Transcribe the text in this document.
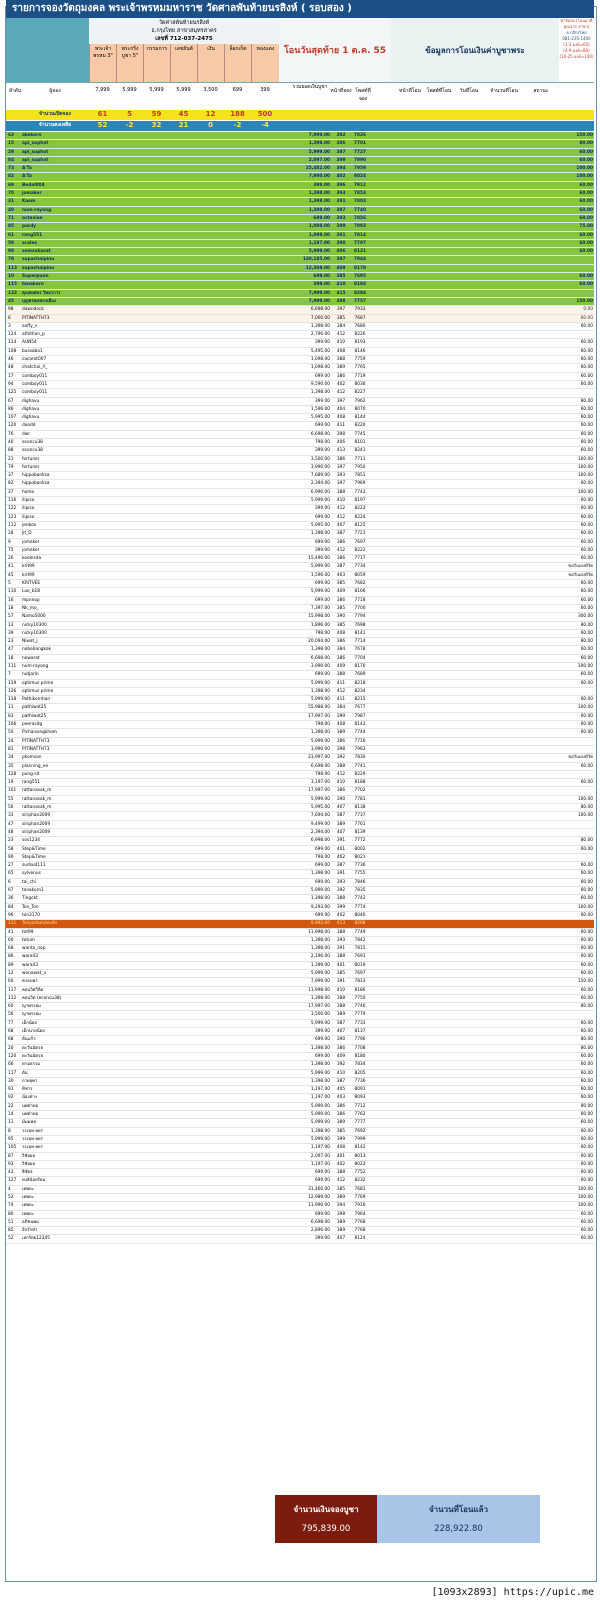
รายการจองวัตถุมงคล พระเจ้าพรหมมหาราช วัดศาลพันท้ายนรสิงห์ ( รอบสอง )
วัดศาลพันท้ายนรสิงห์
ธ.กรุงไทย สาขาสมุทรสาคร
เลขที่ 712-037-2475
พระเจ้าพรหม 3"
พระกริ่ง บูชา 5"
กรรมการ	เลขยันต์	เงิน	ล็อกเก็ต	ทองแดง	โอนวันสุดท้าย 1 ต.ค. 55	ข้อมูลการโอนเงินค่าบูชาพระ
ค่าจัดส่ง (โอนมาที่ คุณจาร สาขา)
ธ.กสิกรไทย
081-235-1400
(1-3 องค์=60)
(4-9 องค์=80)
(10-25 องค์=100)
7,999	5,999	5,999	5,999	3,500	699	399
ลำดับ	ผู้จอง
รวมยอดเงินบูชา
หน้าที่จอง โพสต์ที่จอง
หน้าที่โอน	โพสต์ที่โอน	วันที่โอน	จำนวนที่โอน	สถานะ
จำนวนเปิดจอง	61	5	59	45	12	188	500
จำนวนคงเหลือ	52	-2	32	21	0	-2	-4
63	akekorn	7,999.00	392	7826	150.00
15	api_suphot	1,398.00	386	7701	80.00
29	api_suphot	5,999.00	387	7727	60.00
84	api_suphot	2,097.00	399	7990	60.00
73	A'Ta	25,482.00	394	7959	100.00
82	A'Ta	7,980.00	402	8024	100.00
69	Bedal004	399.00	396	7912	60.00
70	jomaker	1,398.00	393	7853	60.00
31	Kasm	1,398.00	391	7803	60.00
49	num-rayong	1,398.00	387	7740	60.00
71	octavian	699.00	393	7856	60.00
85	pardy	1,098.00	399	7993	75.00
61	rang551	1,098.00	391	7814	60.00
59	scales	1,197.00	390	7797	60.00
99	somsakasat	5,999.00	406	8121	60.00
78	supachaipinu	130,185.00	397	7944
113	supachaipinu	12,369.00	409	8178
10	Superpunn	699.00	385	7695	60.00
115	tanakarn	399.00	410	8184	60.00
132	คุณพงศธร วิทยาการ	7,999.00	415	8284
45	บุญพรหมพรเหลือง	7,999.00	388	7757	150.00
98	dawndock	6,698.00	397	7933	0.00
6	PITINATTH73	7,000.00	385	7687	60.00
3	aoffy_s	1,398.00	384	7680	60.00
124	athithan_p	2,796.00	412	8226
114	AUN54	399.00	410	8193	60.00
108	bussaba1	5,495.00	408	8146	60.00
46	cacarot007	1,098.00	388	7759	60.00
48	chatchai_/\_	1,098.00	389	7765	60.00
17	comboy011	699.00	386	7719	60.00
94	comboy011	9,590.00	402	8036	60.00
125	comboy011	1,398.00	412	8227
67	dighavu	399.00	397	7962	80.00
86	dighavu	1,596.00	404	8070	60.00
107	dighavu	5,995.00	408	8144	60.00
120	doodd	699.00	411	8220	60.00
76	dwr	6,698.00	398	7745	60.00
40	econcu38	798.00	406	8101	60.00
88	econcu38	399.00	413	8241	60.00
21	fortuner	3,500.00	386	7711	100.00
79	fortuner	3,990.00	397	7950	100.00
37	hippobankza	7,689.00	393	7851	100.00
82	hippobankza	2,394.00	397	7969	60.00
37	homo	6,990.00	388	7743	100.00
116	ilipiso	5,999.00	410	8197	60.00
122	ilipiso	399.00	412	8223	60.00
123	ilipiso	699.00	412	8224	60.00
112	jenbox	5,995.00	407	8125	60.00
28	Jit_D	1,398.00	387	7721	60.00
9	jomaker	699.00	386	7697	60.00
75	jomaker	399.00	412	8222	60.00
26	koelnsda	15,490.00	386	7717	60.00
41	krit99	5,999.00	387	7734	ขอรับเองที่วัด
45	krit99	1,596.00	403	8059	ขอรับเองที่วัด
5	KRITVEE	699.00	385	7682	60.00
110	Lue_b18	5,999.00	409	8166	60.00
16	mpnnop	699.00	386	7718	60.00
18	Nk_mo_	7,397.00	385	7700	60.00
57	Namo5000	15,998.00	390	7794	300.00
13	nicky10300	1,896.00	385	7698	80.00
39	nicky10300	798.00	408	8141	60.00
23	Niwat_j	20,094.00	386	7714	80.00
47	nobebangkok	1,398.00	384	7678	60.00
18	nowarat	6,698.00	386	7704	60.00
111	num-rayong	3,990.00	409	8170	100.00
7	nutjarin	699.00	388	7689	60.00
119	optimus prime	5,999.00	411	8218	60.00
126	optimus prime	1,398.00	412	8234
118	Pathikornhan	5,999.00	411	8215	60.00
11	pathiwat25	55,988.00	384	7677	100.00
83	pathiwat25	17,997.00	399	7987	60.00
106	peerasitg	798.00	408	8143	60.00
50	Pichaisongkham	1,398.00	389	7744	60.00
24	PITINATTH73	5,999.00	386	7716
81	PITINATTH73	3,990.00	398	7963
34	pkomsan	23,997.00	392	7830	ขอรับเองที่วัด
35	planning_ee	6,698.00	388	7741	60.00
128	pong-sit	798.00	412	8229
19	rang551	3,197.00	410	8188	60.00
101	rattanasak_m	17,997.00	386	7702
55	rattanasak_m	5,999.00	390	7781	100.00
56	rattanasak_m	5,995.00	407	8138	80.00
33	siriphan2009	7,694.00	387	7737	100.00
47	siriphan2009	9,499.00	389	7761
48	siriphan2009	2,394.00	407	8139
23	sos1234	6,998.00	391	7772	80.00
58	Step&Time	699.00	401	8002	60.00
90	Step&Time	798.00	402	8021
27	sudsud111	699.00	387	7736	60.00
65	sylvenus	1,398.00	391	7755	60.00
6	tai_chi	699.00	393	7846	60.00
67	tanakorn1	5,999.00	392	7835	60.00
36	Tingckt	1,398.00	388	7742	60.00
84	Ton_Ton	9,293.00	399	7774	100.00
96	ton3170	699.00	402	8040	60.00
131	Tonyadam/ยกเลิก	9,993.00	413	8268
41	tot99	11,998.00	388	7749	60.00
60	totum	1,398.00	393	7842	60.00
68	wanta_nop	1,398.00	391	7815	60.00
86	wara43	2,196.00	388	7691	60.00
89	wara43	1,399.00	401	8019	60.00
12	wonawat_v	5,999.00	385	7697	60.00
60	ครอบคร	7,999.00	391	7813	150.00
117	คอนวิศวิลิด	11,998.00	410	8186	60.00
112	คอนวิด (econcu38)	1,398.00	388	7750	60.00
60	ญาพรรยม	17,997.00	388	7746	80.00
56	ญาพรรยม	3,500.00	389	7779
77	เต็กน้อย	5,999.00	387	7733	60.00
68	เต็กนายน้อย	399.00	407	8137	60.00
68	ต้นแก้ว	699.00	390	7796	80.00
20	ตะวันฉัตรย	1,398.00	386	7708	80.00
120	ตะวันฉัตรย	699.00	409	8180	60.00
66	ตามธรรม	1,398.00	392	7834	60.00
117	ต้น	5,999.00	410	8205	60.00
30	ถายยุพา	1,398.00	387	7736	60.00
91	ทิชาร	1,197.00	405	8091	60.00
92	น้องต่าง	1,197.00	403	8093	60.00
22	นพต่ายอ	5,999.00	386	7712	80.00
14	นพต่ายอ	5,999.00	386	7762	60.00
11	มีมมพล	5,999.00	389	7777	60.00
8	วรเฉท-ยยร	1,398.00	385	7692	60.00
95	วรเฉท-ยยร	5,999.00	399	7999	60.00
105	วรเฉท-ยยร	1,197.00	408	8142	60.00
87	วิชัยผล	2,097.00	401	8013	60.00
93	วิชัยผล	1,197.00	402	8023	60.00
43	สิชัยจ	699.00	388	7752	60.00
127	หงส์น้อยรียน	699.00	412	8232	60.00
4	เทพยะ	31,460.00	385	7681	100.00
52	เทพยะ	12,989.00	389	7769	100.00
74	เทพยะ	11,990.00	394	7916	100.00
80	เทพยะ	699.00	398	7964	60.00
51	อภิชนพม	6,698.00	389	7768	60.00
85	อีกรักทำ	2,896.00	389	7768	60.00
52	เอกรัตย12345	399.00	407	8124	60.00
จำนวนเงินจองบูชา
795,839.00
จำนวนที่โอนแล้ว
228,922.80
[1093x2893] https://upic.me
